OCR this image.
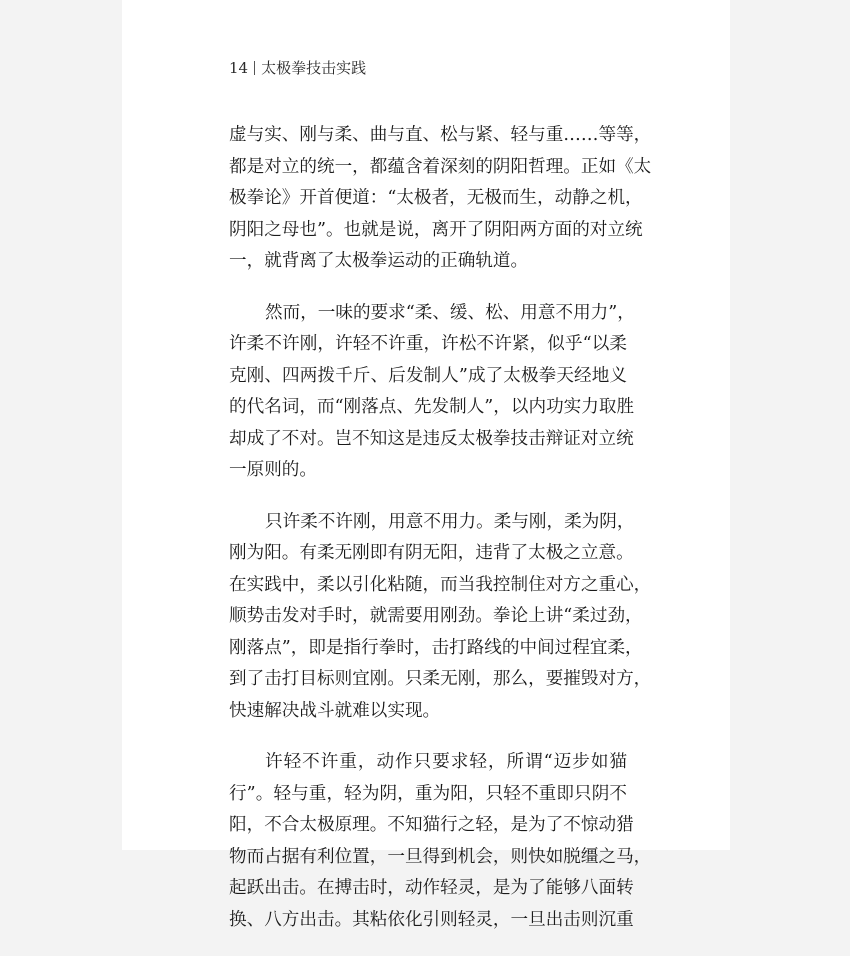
14 太极拳技击实践
虚与实、刚与柔、曲与直、松与紧、轻与重……等等，
都是对立的统一，都蕴含着深刻的阴阳哲理。正如《太
极拳论》开首便道：“太极者，无极而生，动静之机，
阴阳之母也”。也就是说，离开了阴阳两方面的对立统
一，就背离了太极拳运动的正确轨道。
然而，一味的要求“柔、缓、松、用意不用力”，
许柔不许刚，许轻不许重，许松不许紧，似乎“以柔
克刚、四两拨千斤、后发制人”成了太极拳天经地义
的代名词，而“刚落点、先发制人”，以内功实力取胜
却成了不对。岂不知这是违反太极拳技击辩证对立统
一原则的。
只许柔不许刚，用意不用力。柔与刚，柔为阴，
刚为阳。有柔无刚即有阴无阳，违背了太极之立意。
在实践中，柔以引化粘随，而当我控制住对方之重心，
顺势击发对手时，就需要用刚劲。拳论上讲“柔过劲，
刚落点”，即是指行拳时，击打路线的中间过程宜柔，
到了击打目标则宜刚。只柔无刚，那么，要摧毁对方，
快速解决战斗就难以实现。
许轻不许重，动作只要求轻，所谓“迈步如猫
行”。轻与重，轻为阴，重为阳，只轻不重即只阴不
阳，不合太极原理。不知猫行之轻，是为了不惊动猎
物而占据有利位置，一旦得到机会，则快如脱缰之马，
起跃出击。在搏击时，动作轻灵，是为了能够八面转
换、八方出击。其粘依化引则轻灵，一旦出击则沉重
